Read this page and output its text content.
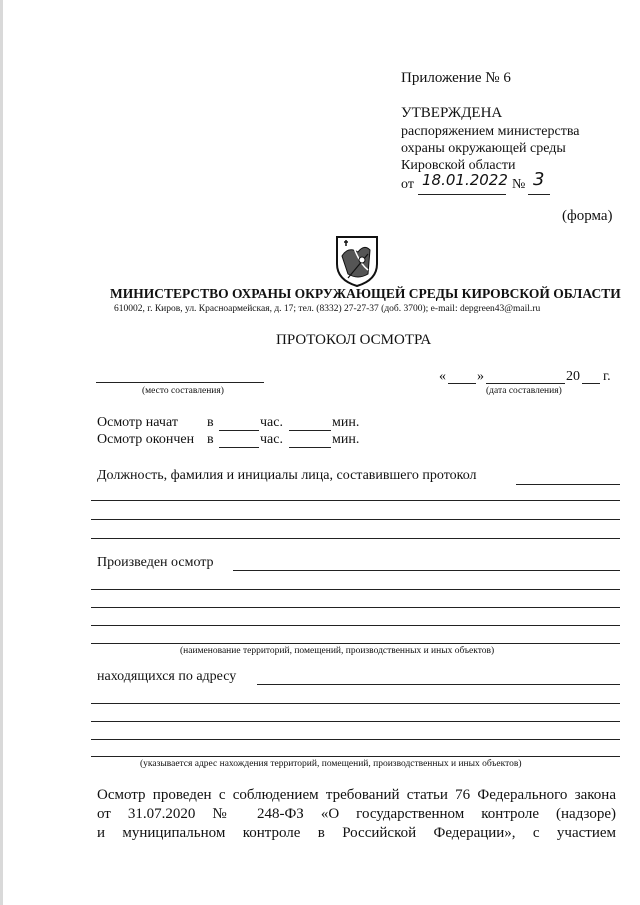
Приложение № 6
УТВЕРЖДЕНА
распоряжением министерства
охраны окружающей среды
Кировской области
от 18.01.2022 № 3
(форма)
МИНИСТЕРСТВО ОХРАНЫ ОКРУЖАЮЩЕЙ СРЕДЫ КИРОВСКОЙ ОБЛАСТИ
610002, г. Киров, ул. Красноармейская, д. 17; тел. (8332) 27-27-37 (доб. 3700); e-mail: depgreen43@mail.ru
ПРОТОКОЛ ОСМОТРА
(место составления)
« »	20 г.
(дата составления)
Осмотр начат в	час.	мин.
Осмотр окончен в	час.	мин.
Должность, фамилия и инициалы лица, составившего протокол
Произведен осмотр
(наименование территорий, помещений, производственных и иных объектов)
находящихся по адресу
(указывается адрес нахождения территорий, помещений, производственных и иных объектов)
Осмотр проведен с соблюдением требований статьи 76 Федерального закона
от 31.07.2020 № 248-ФЗ «О государственном контроле (надзоре)
и муниципальном контроле в Российской Федерации», с участием
